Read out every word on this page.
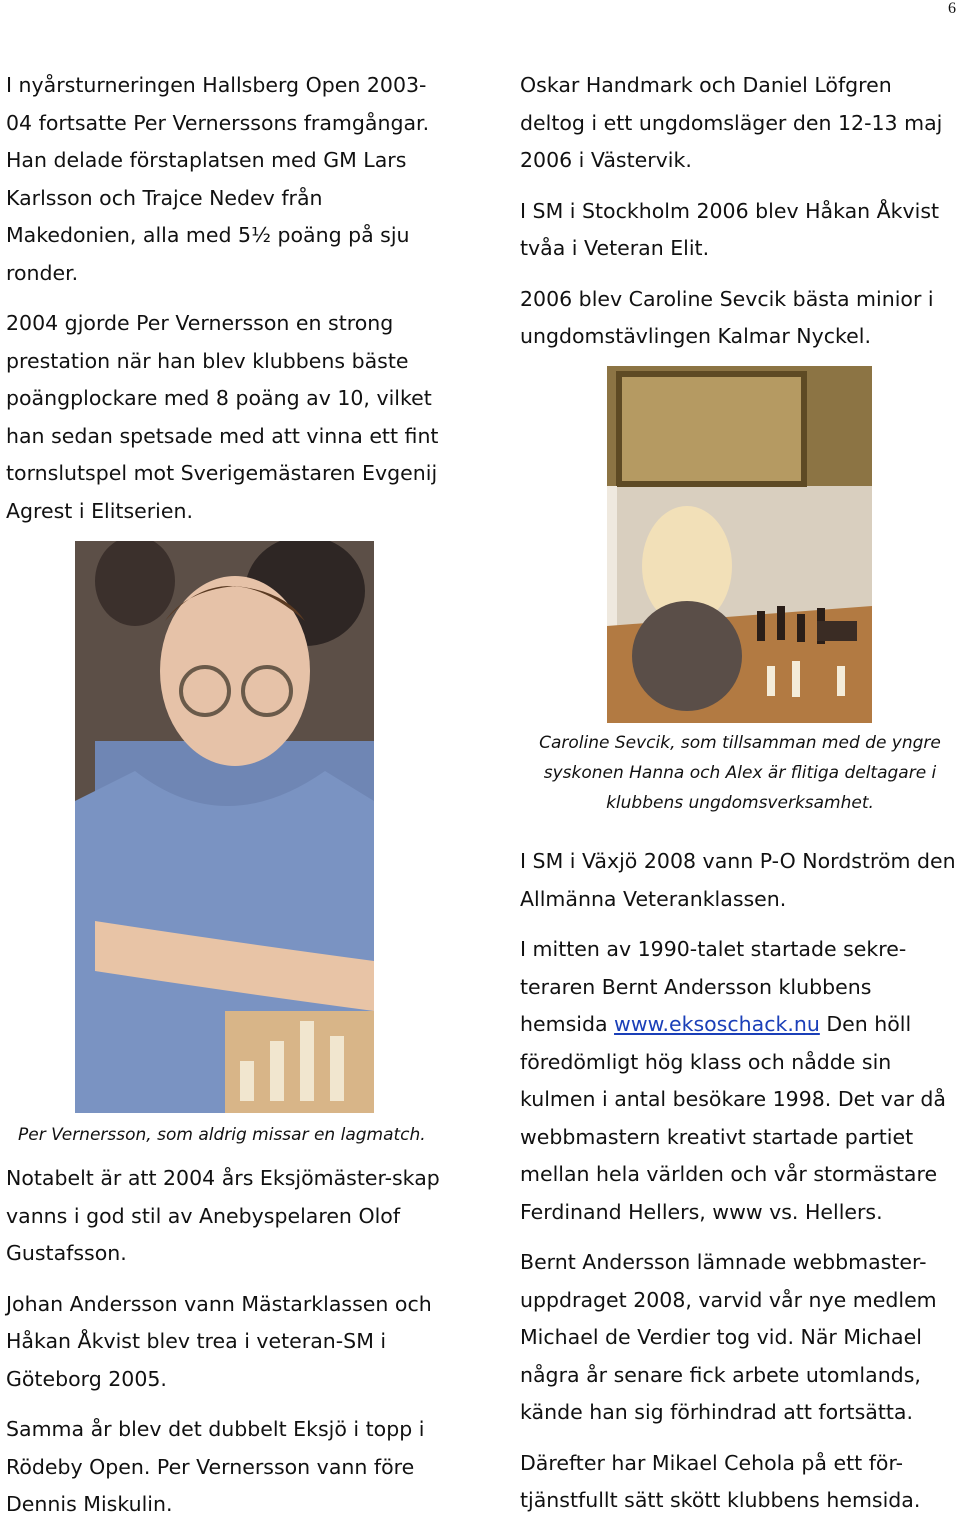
6

I nyårsturneringen Hallsberg Open 2003-04 fortsatte Per Vernerssons framgångar. Han delade förstaplatsen med GM Lars Karlsson och Trajce Nedev från Makedonien, alla med 5½ poäng på sju ronder.

2004 gjorde Per Vernersson en strong prestation när han blev klubbens bäste poängplockare med 8 poäng av 10, vilket han sedan spetsade med att vinna ett fint tornslutspel mot Sverigemästaren Evgenij Agrest i Elitserien.

Per Vernersson, som aldrig missar en lagmatch.

Notabelt är att 2004 års Eksjömäster-skap vanns i god stil av Anebyspelaren Olof Gustafsson.

Johan Andersson vann Mästarklassen och Håkan Åkvist blev trea i veteran-SM i Göteborg 2005.

Samma år blev det dubbelt Eksjö i topp i Rödeby Open. Per Vernersson vann före Dennis Miskulin.

Oskar Handmark och Daniel Löfgren deltog i ett ungdomsläger den 12-13 maj 2006 i Västervik.

I SM i Stockholm 2006 blev Håkan Åkvist tvåa i Veteran Elit.

2006 blev Caroline Sevcik bästa minior i ungdomstävlingen Kalmar Nyckel.

Caroline Sevcik, som tillsamman med de yngre syskonen Hanna och Alex är flitiga deltagare i klubbens ungdomsverksamhet.

I SM i Växjö 2008 vann P-O Nordström den Allmänna Veteranklassen.

I mitten av 1990-talet startade sekre-teraren Bernt Andersson klubbens hemsida www.eksoschack.nu Den höll föredömligt hög klass och nådde sin kulmen i antal besökare 1998. Det var då webbmastern kreativt startade partiet mellan hela världen och vår stormästare Ferdinand Hellers, www vs. Hellers.

Bernt Andersson lämnade webbmaster-uppdraget 2008, varvid vår nye medlem Michael de Verdier tog vid. När Michael några år senare fick arbete utomlands, kände han sig förhindrad att fortsätta.

Därefter har Mikael Cehola på ett för-tjänstfullt sätt skött klubbens hemsida.
